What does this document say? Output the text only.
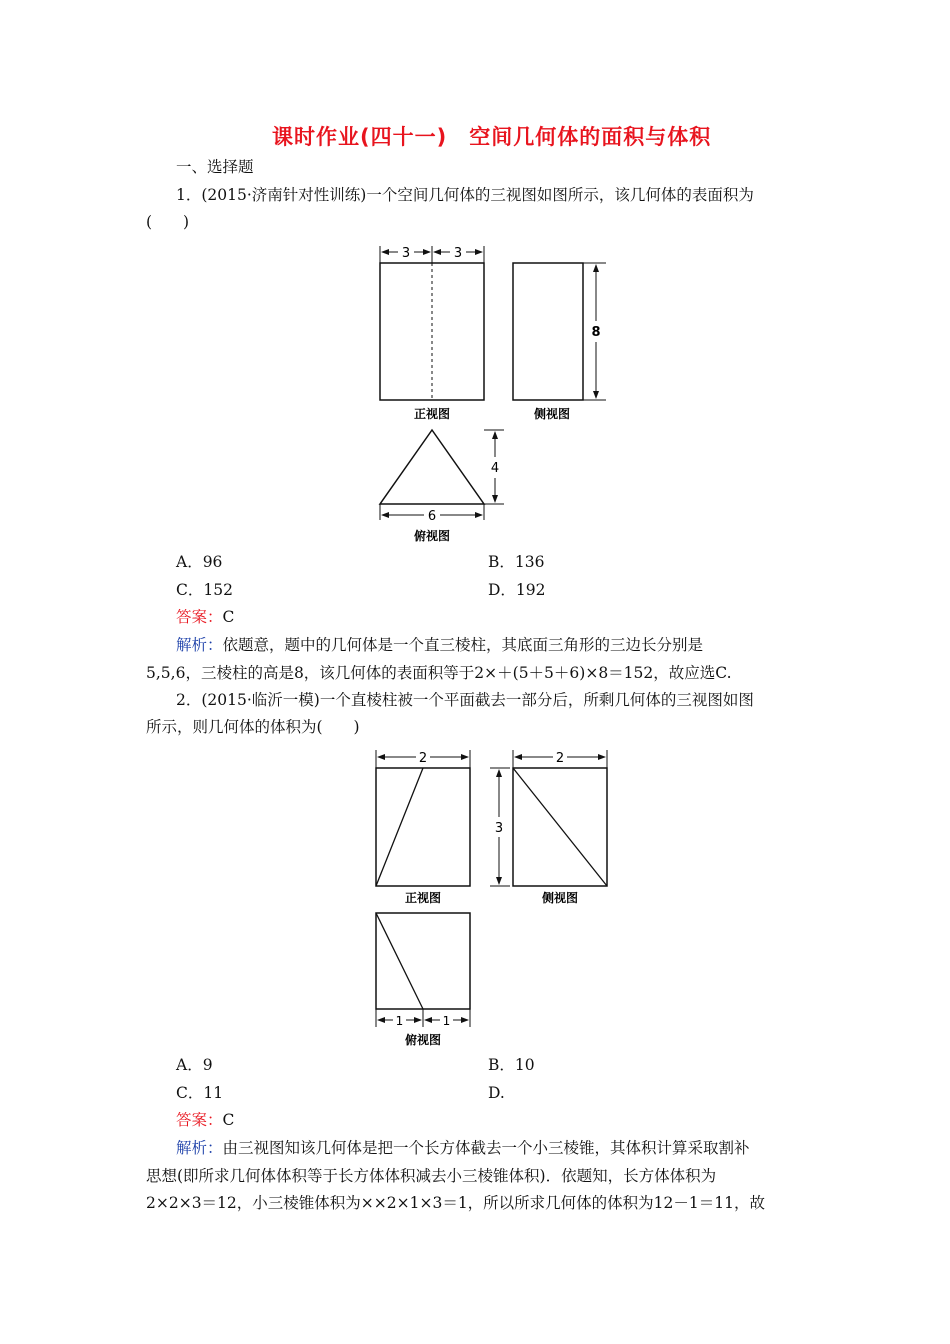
课时作业(四十一)　空间几何体的面积与体积
一、选择题
1．(2015·济南针对性训练)一个空间几何体的三视图如图所示，该几何体的表面积为
(　　)
3	3
正视图
8
侧视图
4
6
俯视图
A．96	B．136
C．152	D．192
答案：C
解析：依题意，题中的几何体是一个直三棱柱，其底面三角形的三边长分别是
5,5,6，三棱柱的高是8，该几何体的表面积等于2×＋(5＋5＋6)×8＝152，故应选C.
2．(2015·临沂一模)一个直棱柱被一个平面截去一部分后，所剩几何体的三视图如图
所示，则几何体的体积为(　　)
2
正视图
2
3
侧视图
1	1
俯视图
A．9	B．10
C．11	D.
答案：C
解析：由三视图知该几何体是把一个长方体截去一个小三棱锥，其体积计算采取割补
思想(即所求几何体体积等于长方体体积减去小三棱锥体积)．依题知，长方体体积为
2×2×3＝12，小三棱锥体积为××2×1×3＝1，所以所求几何体的体积为12－1＝11，故
